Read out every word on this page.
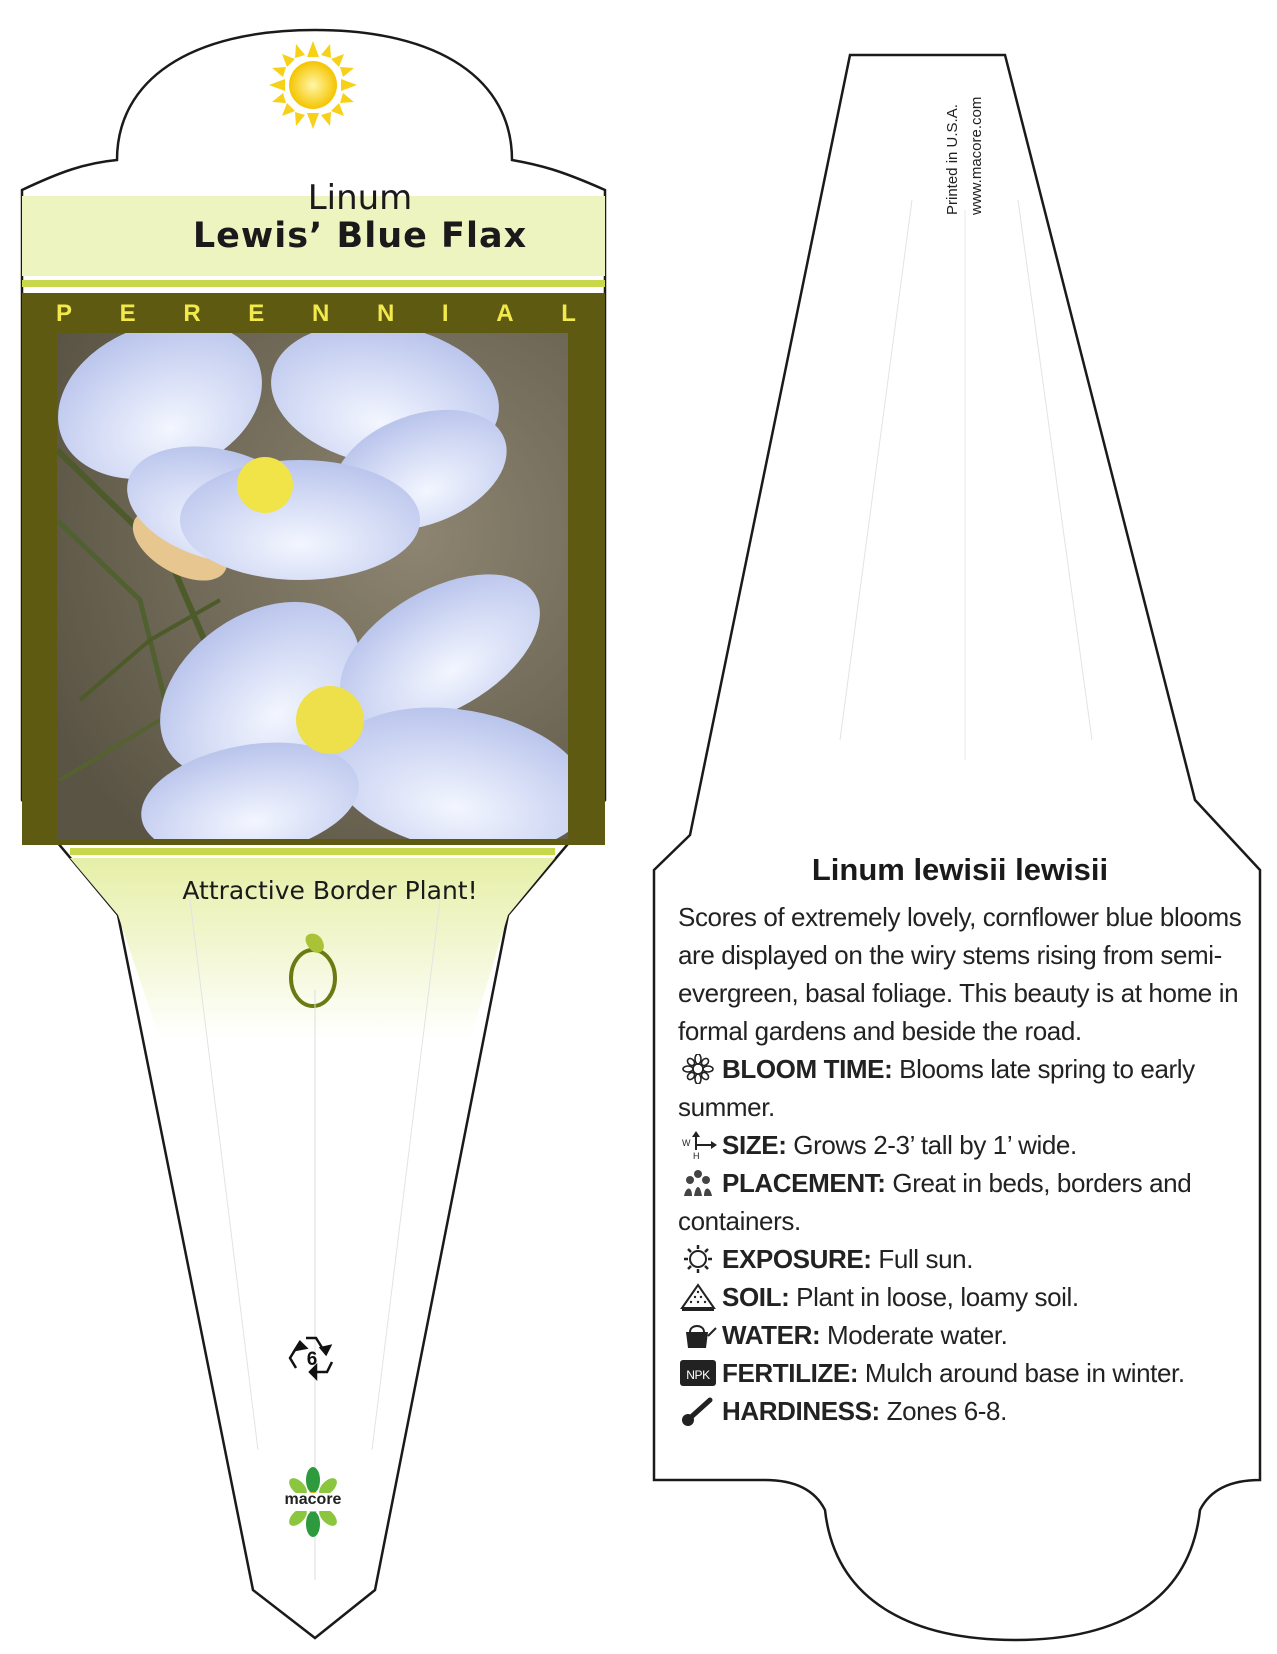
Linum
Lewis’ Blue Flax
P E R E N N I A L
Attractive Border Plant!
6
macore
Printed in U.S.A. www.macore.com
Linum lewisii lewisii
Scores of extremely lovely, cornflower blue blooms are displayed on the wiry stems rising from semi-evergreen, basal foliage. This beauty is at home in formal gardens and beside the road.
BLOOM TIME: Blooms late spring to early summer.
W
H SIZE: Grows 2-3’ tall by 1’ wide.
PLACEMENT: Great in beds, borders and containers.
EXPOSURE: Full sun.
SOIL: Plant in loose, loamy soil.
WATER: Moderate water.
NPK FERTILIZE: Mulch around base in winter.
HARDINESS: Zones 6-8.
